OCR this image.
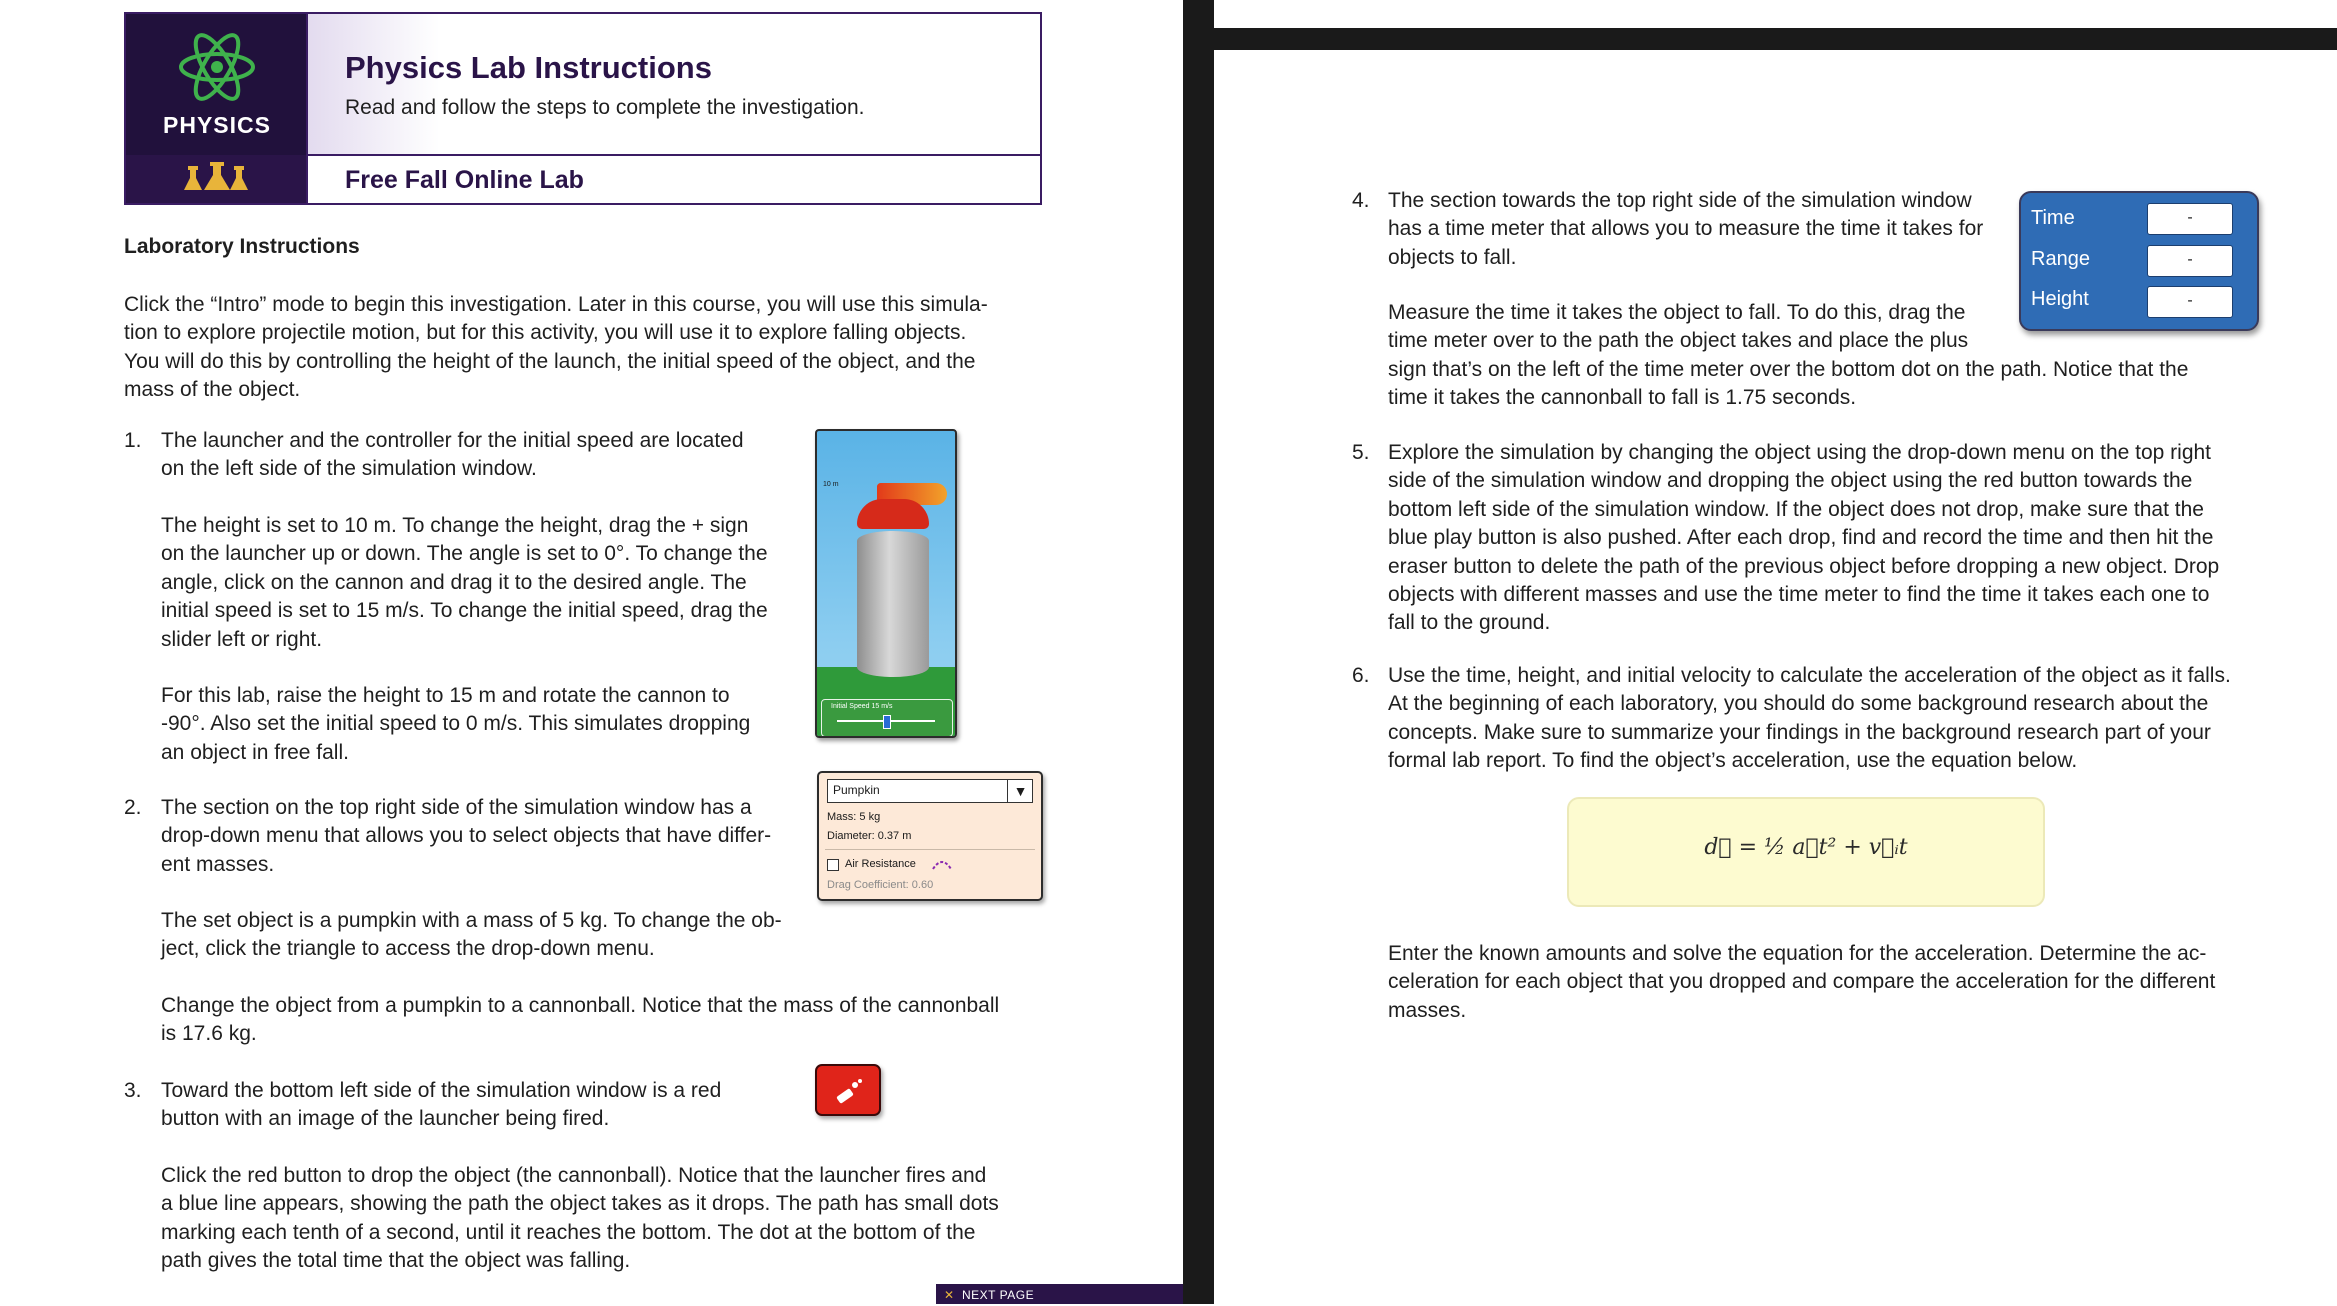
PHYSICS
Physics Lab Instructions
Read and follow the steps to complete the investigation.
Free Fall Online Lab
Laboratory Instructions
Click the “Intro” mode to begin this investigation. Later in this course, you will use this simula-
tion to explore projectile motion, but for this activity, you will use it to explore falling objects.
You will do this by controlling the height of the launch, the initial speed of the object, and the
mass of the object.
1. The launcher and the controller for the initial speed are located
on the left side of the simulation window.
The height is set to 10 m. To change the height, drag the + sign
on the launcher up or down. The angle is set to 0°. To change the
angle, click on the cannon and drag it to the desired angle. The
initial speed is set to 15 m/s. To change the initial speed, drag the
slider left or right.
For this lab, raise the height to 15 m and rotate the cannon to
-90°. Also set the initial speed to 0 m/s. This simulates dropping
an object in free fall.
10 m
Initial Speed 15 m/s
2. The section on the top right side of the simulation window has a
drop-down menu that allows you to select objects that have differ-
ent masses.
The set object is a pumpkin with a mass of 5 kg. To change the ob-
ject, click the triangle to access the drop-down menu.
Change the object from a pumpkin to a cannonball. Notice that the mass of the cannonball
is 17.6 kg.
Pumpkin	▼
Mass: 5 kg
Diameter: 0.37 m
Air Resistance
Drag Coefficient: 0.60
3. Toward the bottom left side of the simulation window is a red
button with an image of the launcher being fired.
Click the red button to drop the object (the cannonball). Notice that the launcher fires and
a blue line appears, showing the path the object takes as it drops. The path has small dots
marking each tenth of a second, until it reaches the bottom. The dot at the bottom of the
path gives the total time that the object was falling.
✕ NEXT PAGE
4. The section towards the top right side of the simulation window
has a time meter that allows you to measure the time it takes for
objects to fall.
Measure the time it takes the object to fall. To do this, drag the
time meter over to the path the object takes and place the plus
sign that’s on the left of the time meter over the bottom dot on the path. Notice that the
time it takes the cannonball to fall is 1.75 seconds.
Time	-
Range	-
Height	-
5. Explore the simulation by changing the object using the drop-down menu on the top right
side of the simulation window and dropping the object using the red button towards the
bottom left side of the simulation window. If the object does not drop, make sure that the
blue play button is also pushed. After each drop, find and record the time and then hit the
eraser button to delete the path of the previous object before dropping a new object. Drop
objects with different masses and use the time meter to find the time it takes each one to
fall to the ground.
6. Use the time, height, and initial velocity to calculate the acceleration of the object as it falls.
At the beginning of each laboratory, you should do some background research about the
concepts. Make sure to summarize your findings in the background research part of your
formal lab report. To find the object’s acceleration, use the equation below.
d⃗ = ½ a⃗t² + v⃗ᵢt
Enter the known amounts and solve the equation for the acceleration. Determine the ac-
celeration for each object that you dropped and compare the acceleration for the different
masses.
